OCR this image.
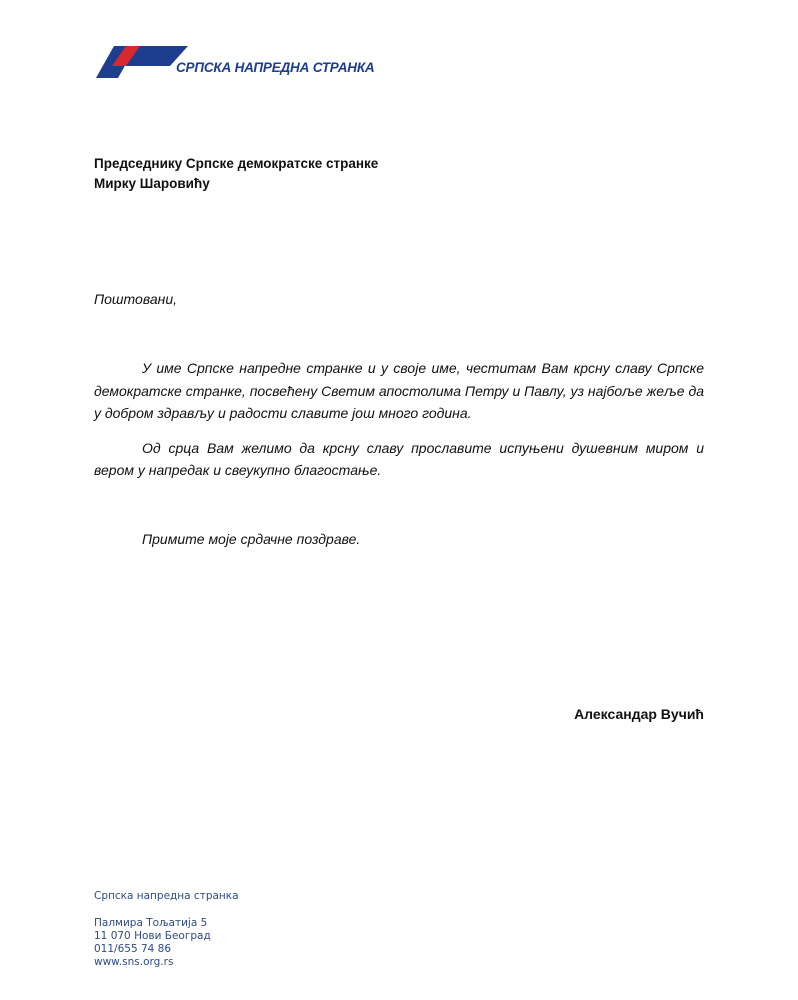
СРПСКА НАПРЕДНА СТРАНКА
Председнику Српске демократске странке
Мирку Шаровићу
Поштовани,

У име Српске напредне странке и у своје име, честитам Вам крсну славу Српске демократске странке, посвећену Светим апостолима Петру и Павлу, уз најбоље жеље да у добром здрављу и радости славите још много година.

Од срца Вам желимо да крсну славу прославите испуњени душевним миром и вером у напредак и свеукупно благостање.

Примите моје срдачне поздраве.
Александар Вучић
Српска напредна странка
Палмира Тољатија 5
11 070 Нови Београд
011/655 74 86
www.sns.org.rs
